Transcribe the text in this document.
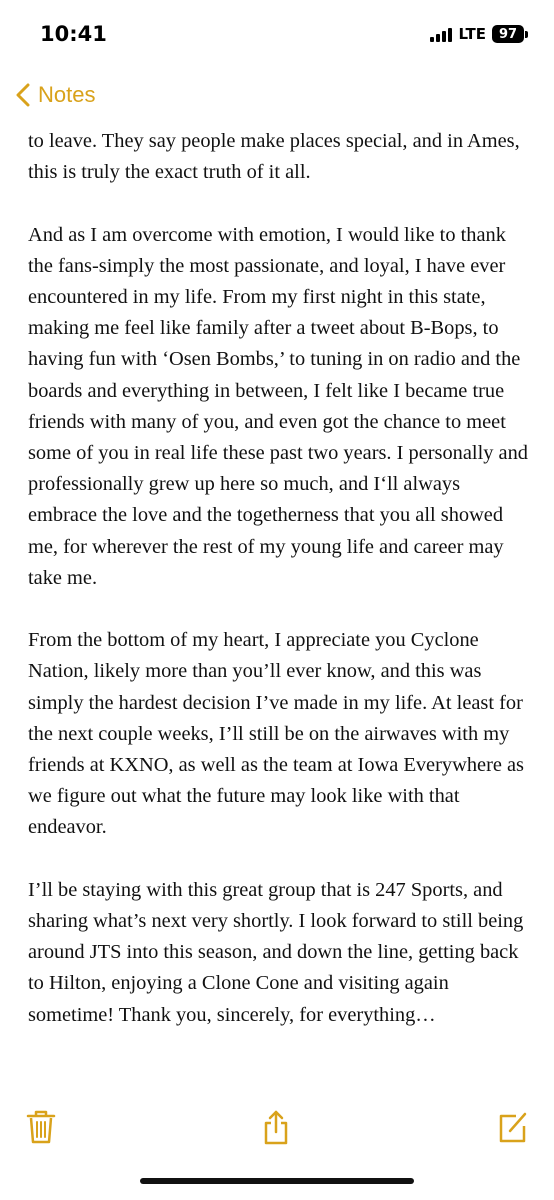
10:41	LTE 97
Notes

to leave. They say people make places special, and in Ames, this is truly the exact truth of it all.

And as I am overcome with emotion, I would like to thank the fans-simply the most passionate, and loyal, I have ever encountered in my life. From my first night in this state, making me feel like family after a tweet about B-Bops, to having fun with ‘Osen Bombs,’ to tuning in on radio and the boards and everything in between, I felt like I became true friends with many of you, and even got the chance to meet some of you in real life these past two years. I personally and professionally grew up here so much, and I‘ll always embrace the love and the togetherness that you all showed me, for wherever the rest of my young life and career may take me.

From the bottom of my heart, I appreciate you Cyclone Nation, likely more than you’ll ever know, and this was simply the hardest decision I’ve made in my life. At least for the next couple weeks, I’ll still be on the airwaves with my friends at KXNO, as well as the team at Iowa Everywhere as we figure out what the future may look like with that endeavor.

I’ll be staying with this great group that is 247 Sports, and sharing what’s next very shortly. I look forward to still being around JTS into this season, and down the line, getting back to Hilton, enjoying a Clone Cone and visiting again sometime! Thank you, sincerely, for everything…
